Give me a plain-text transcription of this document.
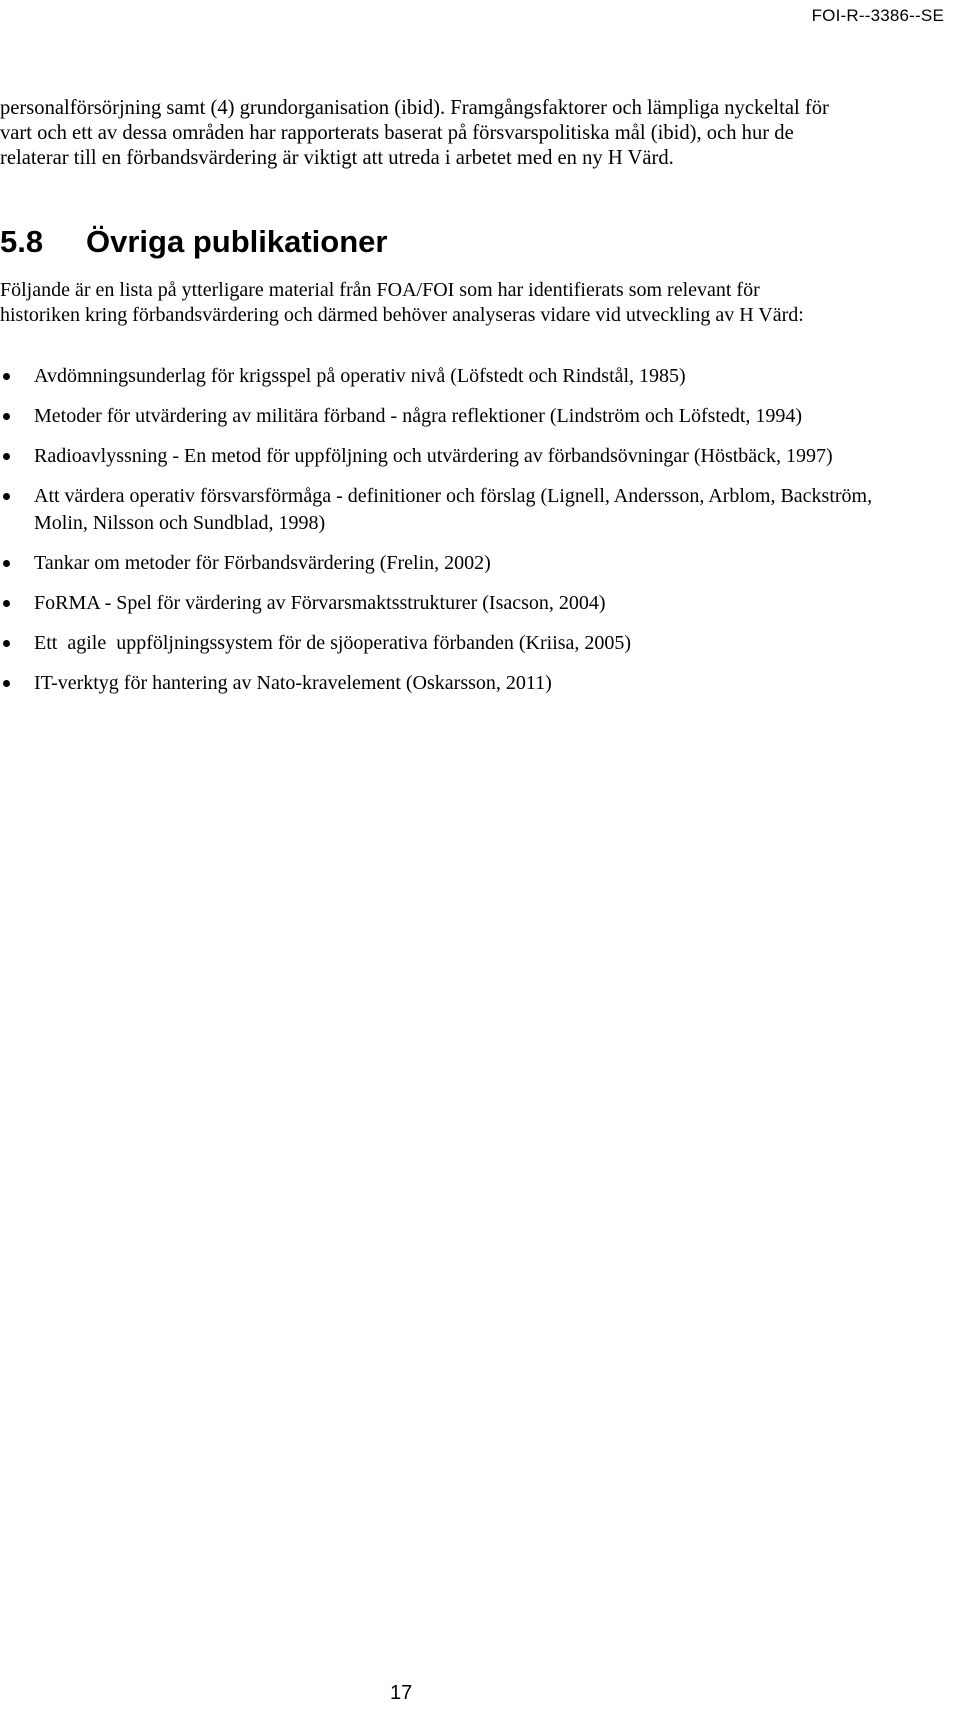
FOI-R--3386--SE

personalförsörjning samt (4) grundorganisation (ibid). Framgångsfaktorer och lämpliga nyckeltal för vart och ett av dessa områden har rapporterats baserat på försvarspolitiska mål (ibid), och hur de relaterar till en förbandsvärdering är viktigt att utreda i arbetet med en ny H Värd.

5.8 Övriga publikationer

Följande är en lista på ytterligare material från FOA/FOI som har identifierats som relevant för historiken kring förbandsvärdering och därmed behöver analyseras vidare vid utveckling av H Värd:

Avdömningsunderlag för krigsspel på operativ nivå (Löfstedt och Rindstål, 1985)
Metoder för utvärdering av militära förband - några reflektioner (Lindström och Löfstedt, 1994)
Radioavlyssning - En metod för uppföljning och utvärdering av förbandsövningar (Höstbäck, 1997)
Att värdera operativ försvarsförmåga - definitioner och förslag (Lignell, Andersson, Arblom, Backström, Molin, Nilsson och Sundblad, 1998)
Tankar om metoder för Förbandsvärdering (Frelin, 2002)
FoRMA - Spel för värdering av Förvarsmaktsstrukturer (Isacson, 2004)
Ett  agile  uppföljningssystem för de sjöoperativa förbanden (Kriisa, 2005)
IT-verktyg för hantering av Nato-kravelement (Oskarsson, 2011)
17
